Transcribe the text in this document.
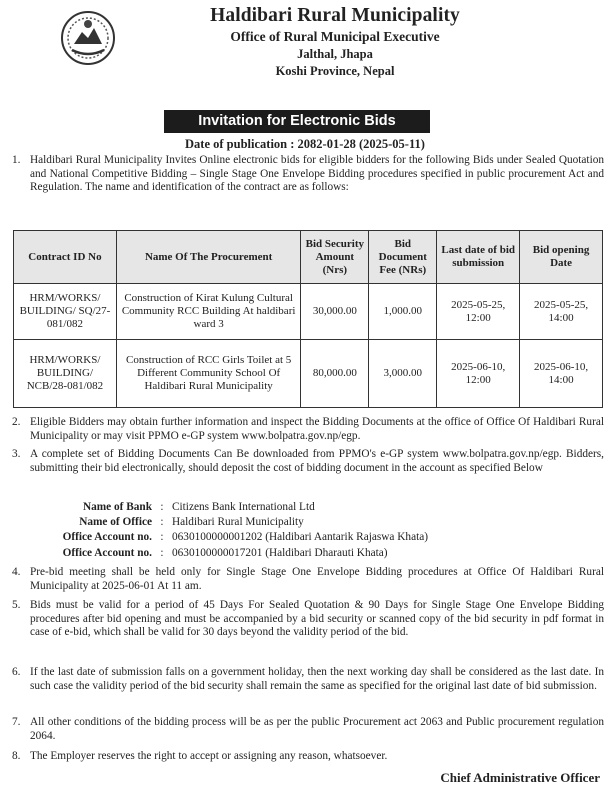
Haldibari Rural Municipality
Office of Rural Municipal Executive
Jalthal, Jhapa
Koshi Province, Nepal
Invitation for Electronic Bids
Date of publication : 2082-01-28 (2025-05-11)
1. Haldibari Rural Municipality Invites Online electronic bids for eligible bidders for the following Bids under Sealed Quotation and National Competitive Bidding – Single Stage One Envelope Bidding procedures specified in public procurement Act and Regulation. The name and identification of the contract are as follows:
Contract ID No	Name Of The Procurement	Bid Security Amount (Nrs)	Bid Document Fee (NRs)	Last date of bid submission	Bid opening Date
HRM/WORKS/ BUILDING/ SQ/27-081/082	Construction of Kirat Kulung Cultural Community RCC Building At haldibari ward 3	30,000.00	1,000.00	2025-05-25, 12:00	2025-05-25, 14:00
HRM/WORKS/ BUILDING/ NCB/28-081/082	Construction of RCC Girls Toilet at 5 Different Community School Of Haldibari Rural Municipality	80,000.00	3,000.00	2025-06-10, 12:00	2025-06-10, 14:00
2. Eligible Bidders may obtain further information and inspect the Bidding Documents at the office of Office Of Haldibari Rural Municipality or may visit PPMO e-GP system www.bolpatra.gov.np/egp.
3. A complete set of Bidding Documents Can Be downloaded from PPMO's e-GP system www.bolpatra.gov.np/egp. Bidders, submitting their bid electronically, should deposit the cost of bidding document in the account as specified Below
Name of Bank : Citizens Bank International Ltd
Name of Office : Haldibari Rural Municipality
Office Account no. : 0630100000001202 (Haldibari Aantarik Rajaswa Khata)
Office Account no. : 0630100000017201 (Haldibari Dharauti Khata)
4. Pre-bid meeting shall be held only for Single Stage One Envelope Bidding procedures at Office Of Haldibari Rural Municipality at 2025-06-01 At 11 am.
5. Bids must be valid for a period of 45 Days For Sealed Quotation & 90 Days for Single Stage One Envelope Bidding procedures after bid opening and must be accompanied by a bid security or scanned copy of the bid security in pdf format in case of e-bid, which shall be valid for 30 days beyond the validity period of the bid.
6. If the last date of submission falls on a government holiday, then the next working day shall be considered as the last date. In such case the validity period of the bid security shall remain the same as specified for the original last date of bid submission.
7. All other conditions of the bidding process will be as per the public Procurement act 2063 and Public procurement regulation 2064.
8. The Employer reserves the right to accept or assigning any reason, whatsoever.
Chief Administrative Officer
